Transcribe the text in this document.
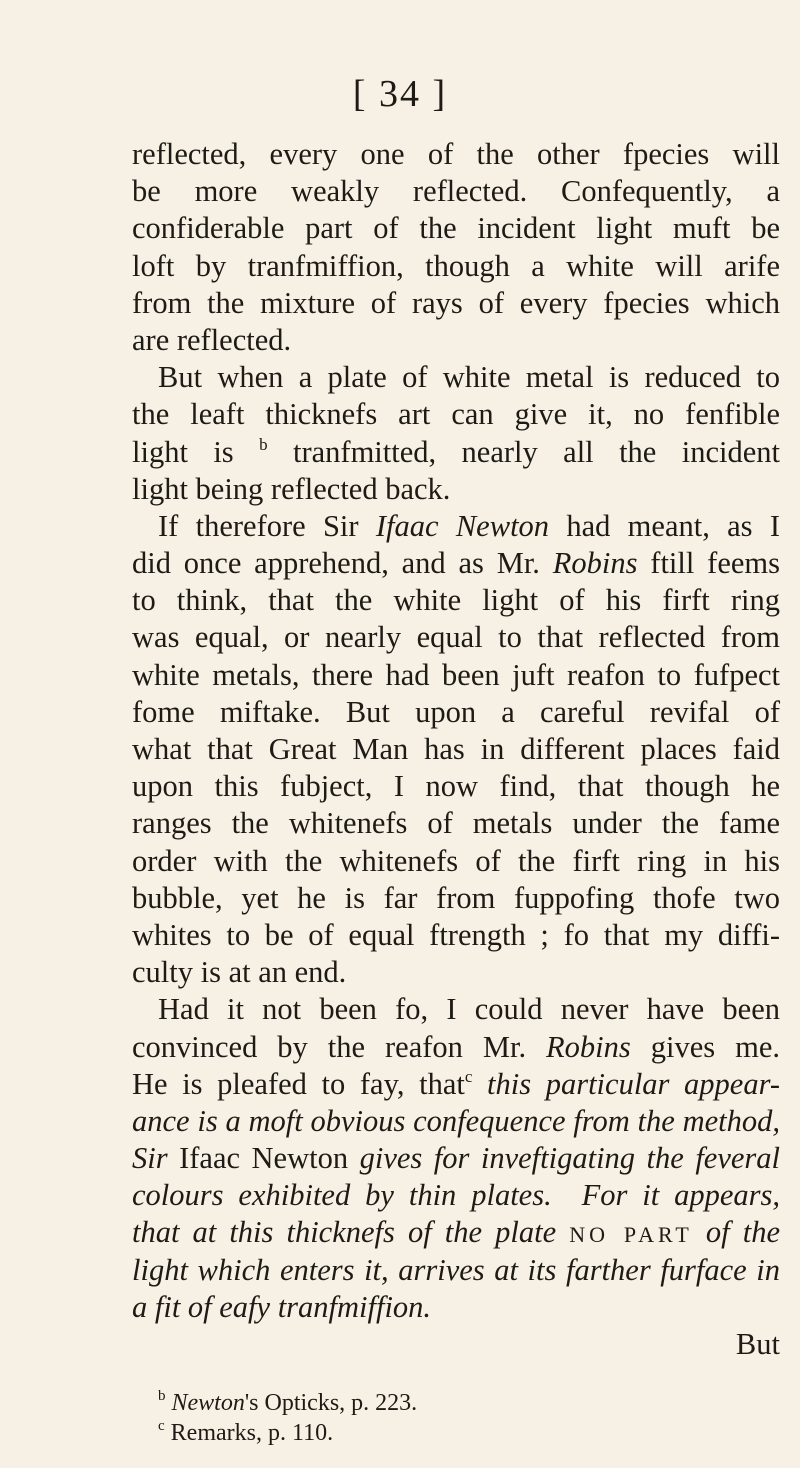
[ 34 ]
refleсted, every one of the other fpecies will
be more weakly refleсted. Confequently, a
confiderable part of the incident light muft be
loft by tranfmiffion, though a white will arife
from the mixture of rays of every fpecies which
are refleсted.
But when a plate of white metal is reduced to
the leaft thicknefs art can give it, no fenfible
light is $^b$ tranfmitted, nearly all the incident
light being refleсted back.
If therefore Sir Ifaac Newton had meant, as I
did once apprehend, and as Mr. Robins ftill feems
to think, that the white light of his firft ring
was equal, or nearly equal to that refleсted from
white metals, there had been juft reafon to fufpeсt
fome miftake. But upon a careful revifal of
what that Great Man has in different places faid
upon this fubjeсt, I now find, that though he
ranges the whitenefs of metals under the fame
order with the whitenefs of the firft ring in his
bubble, yet he is far from fuppofing thofe two
whites to be of equal ftrength ; fo that my diffi-
culty is at an end.
Had it not been fo, I could never have been
convinced by the reafon Mr. Robins gives me.
He is pleafed to fay, that$^c$ this particular appear-
ance is a moft obvious confequence from the method,
Sir Ifaac Newton gives for inveftigating the feveral
colours exhibited by thin plates. For it appears,
that at this thicknefs of the plate NO PART of the
light which enters it, arrives at its farther furface in
a fit of eafy tranfmiffion.
But
$^b$ Newton's Opticks, p. 223.
$^c$ Remarks, p. 110.
